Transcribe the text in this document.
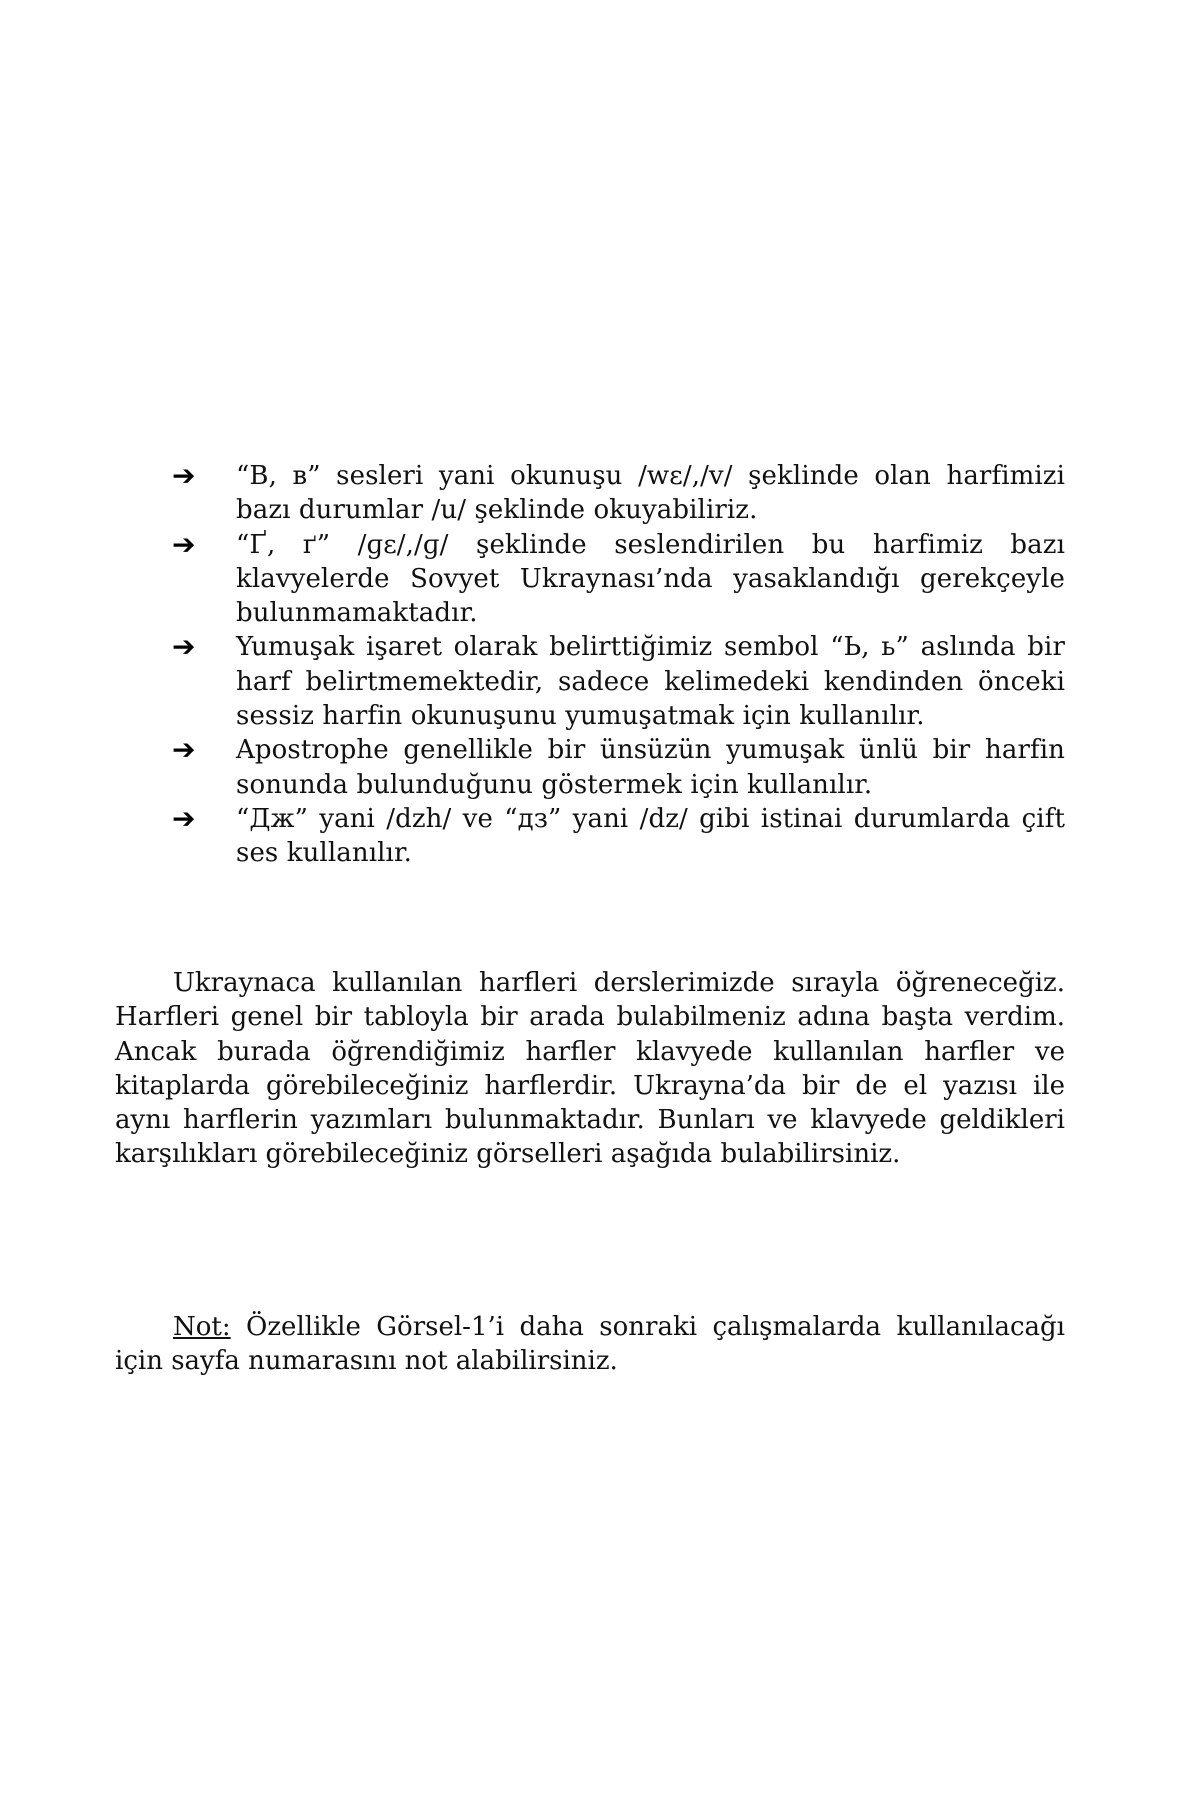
➔	“В, в” sesleri yani okunuşu /wɛ/,/v/ şeklinde olan harfimizi bazı durumlar /u/ şeklinde okuyabiliriz.
➔	“Ґ, ґ” /ɡɛ/,/ɡ/ şeklinde seslendirilen bu harfimiz bazı klavyelerde Sovyet Ukraynası’nda yasaklandığı gerekçeyle bulunmamaktadır.
➔	Yumuşak işaret olarak belirttiğimiz sembol “Ь, ь” aslında bir harf belirtmemektedir, sadece kelimedeki kendinden önceki sessiz harfin okunuşunu yumuşatmak için kullanılır.
➔	Apostrophe genellikle bir ünsüzün yumuşak ünlü bir harfin sonunda bulunduğunu göstermek için kullanılır.
➔	“Дж” yani /dzh/ ve “дз” yani /dz/ gibi istinai durumlarda çift ses kullanılır.

Ukraynaca kullanılan harfleri derslerimizde sırayla öğreneceğiz. Harfleri genel bir tabloyla bir arada bulabilmeniz adına başta verdim. Ancak burada öğrendiğimiz harfler klavyede kullanılan harfler ve kitaplarda görebileceğiniz harflerdir. Ukrayna’da bir de el yazısı ile aynı harflerin yazımları bulunmaktadır. Bunları ve klavyede geldikleri karşılıkları görebileceğiniz görselleri aşağıda bulabilirsiniz.

Not: Özellikle Görsel-1’i daha sonraki çalışmalarda kullanılacağı için sayfa numarasını not alabilirsiniz.
